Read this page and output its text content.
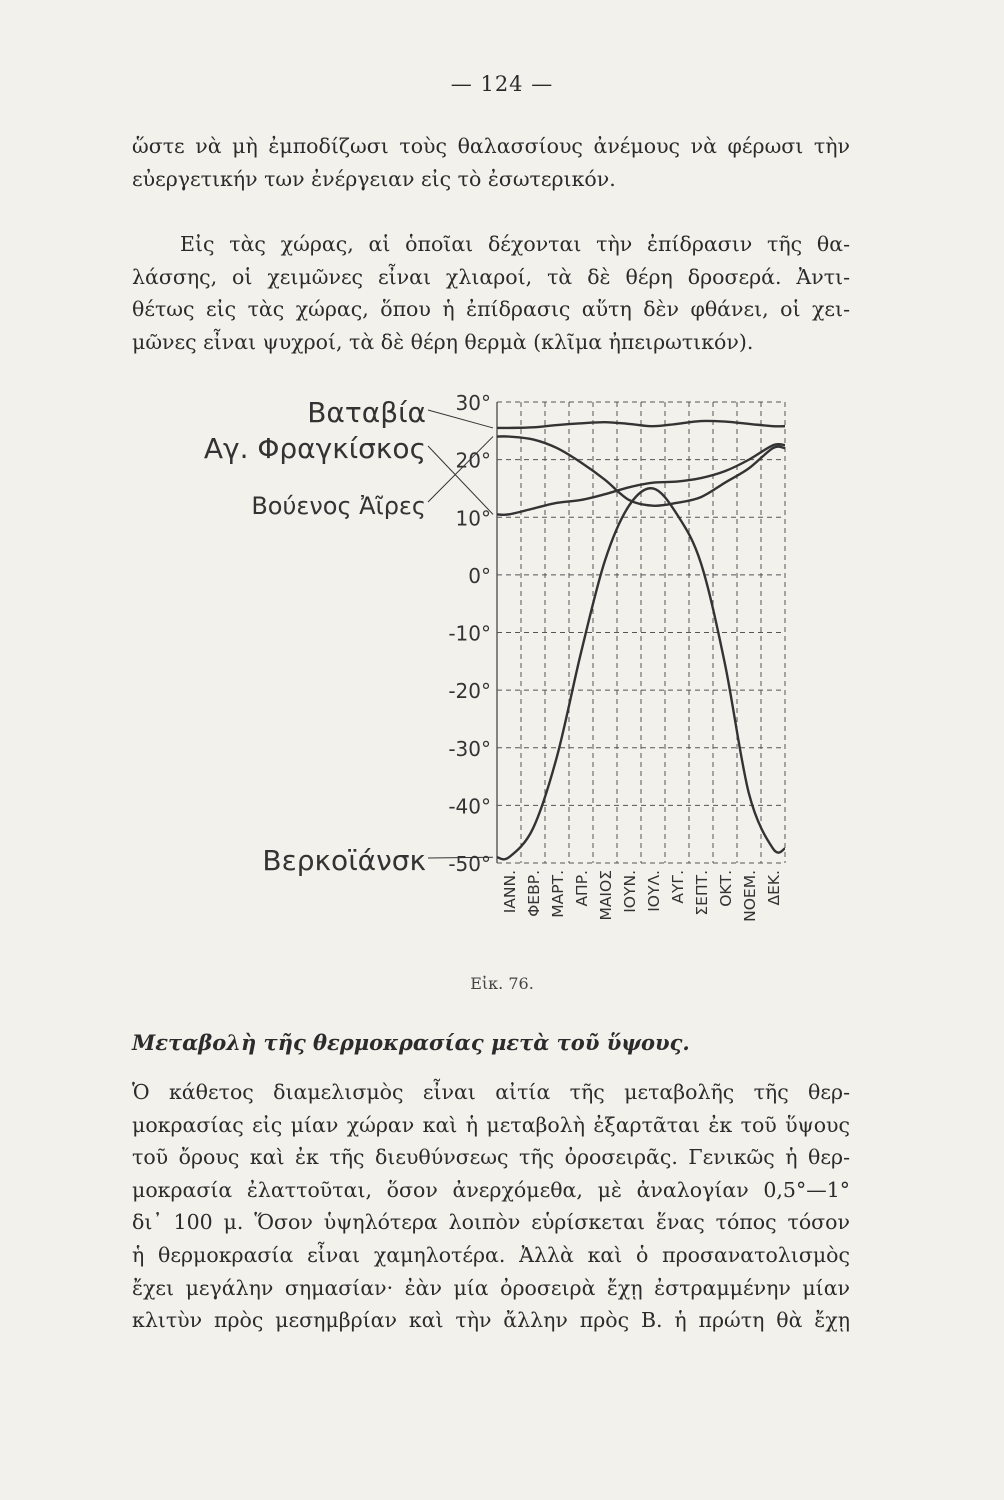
— 124 —

ὥστε νὰ μὴ ἐμποδίζωσι τοὺς θαλασσίους ἀνέμους νὰ φέρωσι τὴν
εὐεργετικήν των ἐνέργειαν εἰς τὸ ἐσωτερικόν.

Εἰς τὰς χώρας, αἱ ὁποῖαι δέχονται τὴν ἐπίδρασιν τῆς θα-
λάσσης, οἱ χειμῶνες εἶναι χλιαροί, τὰ δὲ θέρη δροσερά. Ἀντι-
θέτως εἰς τὰς χώρας, ὅπου ἡ ἐπίδρασις αὕτη δὲν φθάνει, οἱ χει-
μῶνες εἶναι ψυχροί, τὰ δὲ θέρη θερμὰ (κλῖμα ἠπειρωτικόν).

30°
20°
10°
0°
-10°
-20°
-30°
-40°
-50°
ΙΑΝΝ. ΦΕΒΡ. ΜΑΡΤ. ΑΠΡ. ΜΑΙΟΣ ΙΟΥΝ. ΙΟΥΛ. ΑΥΓ. ΣΕΠΤ. ΟΚΤ. ΝΟΕΜ. ΔΕΚ.
Βαταβία
Αγ. Φραγκίσκος
Βούενος Ἀῖρες
Βερκοϊάνσκ
Εἰκ. 76.
Μεταβολὴ τῆς θερμοκρασίας μετὰ τοῦ ὕψους.

Ὁ κάθετος διαμελισμὸς εἶναι αἰτία τῆς μεταβολῆς τῆς θερ-
μοκρασίας εἰς μίαν χώραν καὶ ἡ μεταβολὴ ἐξαρτᾶται ἐκ τοῦ ὕψους
τοῦ ὄρους καὶ ἐκ τῆς διευθύνσεως τῆς ὀροσειρᾶς. Γενικῶς ἡ θερ-
μοκρασία ἐλαττοῦται, ὅσον ἀνερχόμεθα, μὲ ἀναλογίαν 0,5°—1°
δι᾽ 100 μ. Ὅσον ὑψηλότερα λοιπὸν εὑρίσκεται ἕνας τόπος τόσον
ἡ θερμοκρασία εἶναι χαμηλοτέρα. Ἀλλὰ καὶ ὁ προσανατολισμὸς
ἔχει μεγάλην σημασίαν· ἐὰν μία ὀροσειρὰ ἔχῃ ἐστραμμένην μίαν
κλιτὺν πρὸς μεσημβρίαν καὶ τὴν ἄλλην πρὸς Β. ἡ πρώτη θὰ ἔχῃ
